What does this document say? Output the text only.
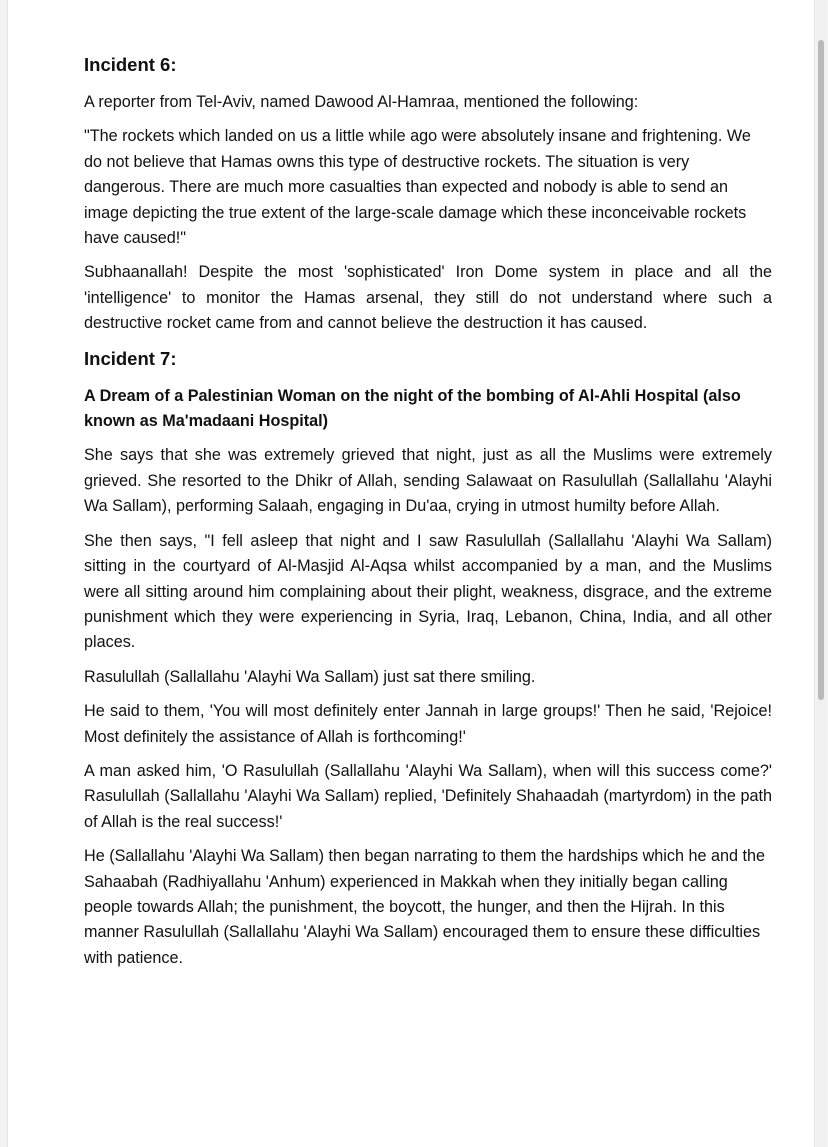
Incident 6:

A reporter from Tel-Aviv, named Dawood Al-Hamraa, mentioned the following:

"The rockets which landed on us a little while ago were absolutely insane and frightening. We do not believe that Hamas owns this type of destructive rockets. The situation is very dangerous. There are much more casualties than expected and nobody is able to send an image depicting the true extent of the large-scale damage which these inconceivable rockets have caused!"

Subhaanallah! Despite the most 'sophisticated' Iron Dome system in place and all the 'intelligence' to monitor the Hamas arsenal, they still do not understand where such a destructive rocket came from and cannot believe the destruction it has caused.

Incident 7:

A Dream of a Palestinian Woman on the night of the bombing of Al-Ahli Hospital (also known as Ma'madaani Hospital)

She says that she was extremely grieved that night, just as all the Muslims were extremely grieved. She resorted to the Dhikr of Allah, sending Salawaat on Rasulullah (Sallallahu 'Alayhi Wa Sallam), performing Salaah, engaging in Du'aa, crying in utmost humilty before Allah.

She then says, "I fell asleep that night and I saw Rasulullah (Sallallahu 'Alayhi Wa Sallam) sitting in the courtyard of Al-Masjid Al-Aqsa whilst accompanied by a man, and the Muslims were all sitting around him complaining about their plight, weakness, disgrace, and the extreme punishment which they were experiencing in Syria, Iraq, Lebanon, China, India, and all other places.

Rasulullah (Sallallahu 'Alayhi Wa Sallam) just sat there smiling.

He said to them, 'You will most definitely enter Jannah in large groups!' Then he said, 'Rejoice! Most definitely the assistance of Allah is forthcoming!'

A man asked him, 'O Rasulullah (Sallallahu 'Alayhi Wa Sallam), when will this success come?' Rasulullah (Sallallahu 'Alayhi Wa Sallam) replied, 'Definitely Shahaadah (martyrdom) in the path of Allah is the real success!'

He (Sallallahu 'Alayhi Wa Sallam) then began narrating to them the hardships which he and the Sahaabah (Radhiyallahu 'Anhum) experienced in Makkah when they initially began calling people towards Allah; the punishment, the boycott, the hunger, and then the Hijrah. In this manner Rasulullah (Sallallahu 'Alayhi Wa Sallam) encouraged them to ensure these difficulties with patience.
